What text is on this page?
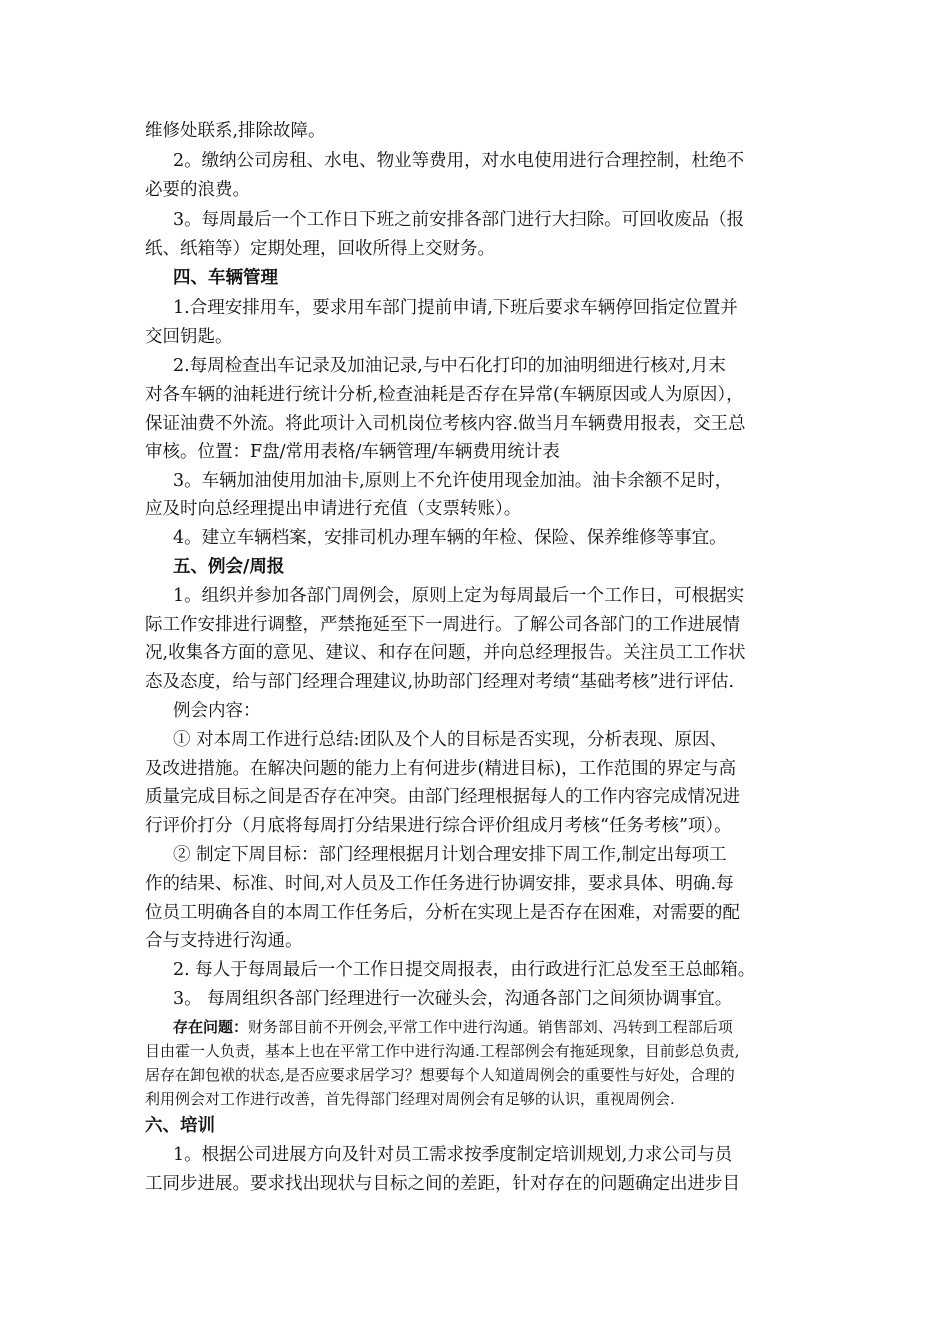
维修处联系,排除故障。
2。缴纳公司房租、水电、物业等费用，对水电使用进行合理控制，杜绝不
必要的浪费。
3。每周最后一个工作日下班之前安排各部门进行大扫除。可回收废品（报
纸、纸箱等）定期处理，回收所得上交财务。
四、车辆管理
1.合理安排用车，要求用车部门提前申请,下班后要求车辆停回指定位置并
交回钥匙。
2.每周检查出车记录及加油记录,与中石化打印的加油明细进行核对,月末
对各车辆的油耗进行统计分析,检查油耗是否存在异常(车辆原因或人为原因），
保证油费不外流。将此项计入司机岗位考核内容.做当月车辆费用报表，交王总
审核。位置：F盘/常用表格/车辆管理/车辆费用统计表
3。车辆加油使用加油卡,原则上不允许使用现金加油。油卡余额不足时，
应及时向总经理提出申请进行充值（支票转账）。
4。建立车辆档案，安排司机办理车辆的年检、保险、保养维修等事宜。
五、例会/周报
1。组织并参加各部门周例会，原则上定为每周最后一个工作日，可根据实
际工作安排进行调整，严禁拖延至下一周进行。了解公司各部门的工作进展情
况,收集各方面的意见、建议、和存在问题，并向总经理报告。关注员工工作状
态及态度，给与部门经理合理建议,协助部门经理对考绩“基础考核”进行评估.
例会内容：
① 对本周工作进行总结:团队及个人的目标是否实现，分析表现、原因、
及改进措施。在解决问题的能力上有何进步(精进目标)，工作范围的界定与高
质量完成目标之间是否存在冲突。由部门经理根据每人的工作内容完成情况进
行评价打分（月底将每周打分结果进行综合评价组成月考核“任务考核”项）。
② 制定下周目标：部门经理根据月计划合理安排下周工作,制定出每项工
作的结果、标准、时间,对人员及工作任务进行协调安排，要求具体、明确.每
位员工明确各自的本周工作任务后，分析在实现上是否存在困难，对需要的配
合与支持进行沟通。
2. 每人于每周最后一个工作日提交周报表，由行政进行汇总发至王总邮箱。
3。 每周组织各部门经理进行一次碰头会，沟通各部门之间须协调事宜。
存在问题：财务部目前不开例会,平常工作中进行沟通。销售部刘、冯转到工程部后项
目由霍一人负责，基本上也在平常工作中进行沟通.工程部例会有拖延现象，目前彭总负责,
居存在卸包袱的状态,是否应要求居学习？想要每个人知道周例会的重要性与好处，合理的
利用例会对工作进行改善，首先得部门经理对周例会有足够的认识，重视周例会.
六、培训
1。根据公司进展方向及针对员工需求按季度制定培训规划,力求公司与员
工同步进展。要求找出现状与目标之间的差距，针对存在的问题确定出进步目
